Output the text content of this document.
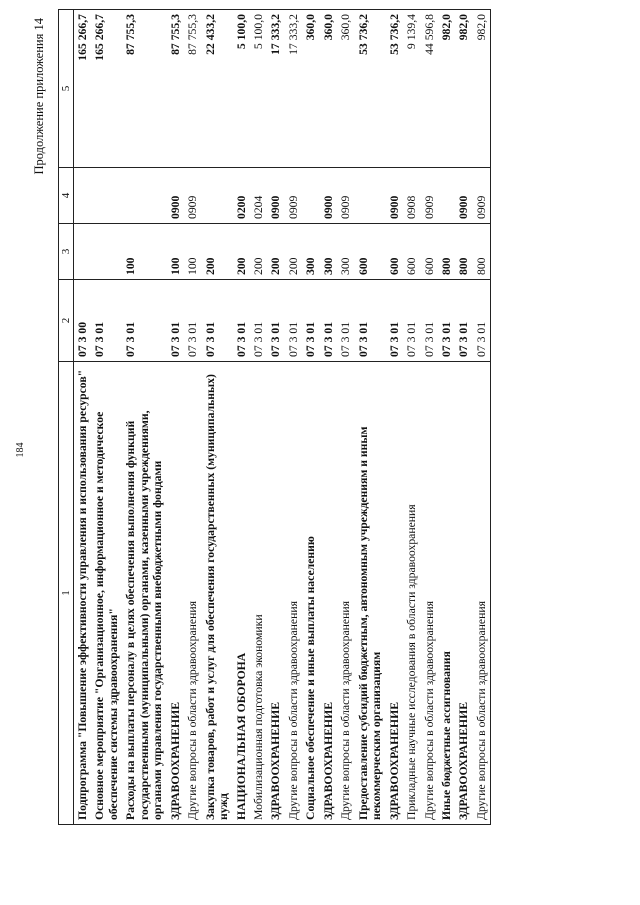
184
Продолжение приложения 14
1	2	3	4	5
Подпрограмма "Повышение эффективности управления и использования ресурсов"	07 3 00			165 266,7
Основное мероприятие "Организационное, информационное и методическое обеспечение системы здравоохранения"	07 3 01			165 266,7
Расходы на выплаты персоналу в целях обеспечения выполнения функций государственными (муниципальными) органами, казенными учреждениями, органами управления государственными внебюджетными фондами	07 3 01	100		87 755,3
ЗДРАВООХРАНЕНИЕ	07 3 01	100	0900	87 755,3
Другие вопросы в области здравоохранения	07 3 01	100	0909	87 755,3
Закупка товаров, работ и услуг для обеспечения государственных (муниципальных) нужд	07 3 01	200		22 433,2
НАЦИОНАЛЬНАЯ ОБОРОНА	07 3 01	200	0200	5 100,0
Мобилизационная подготовка экономики	07 3 01	200	0204	5 100,0
ЗДРАВООХРАНЕНИЕ	07 3 01	200	0900	17 333,2
Другие вопросы в области здравоохранения	07 3 01	200	0909	17 333,2
Социальное обеспечение и иные выплаты населению	07 3 01	300		360,0
ЗДРАВООХРАНЕНИЕ	07 3 01	300	0900	360,0
Другие вопросы в области здравоохранения	07 3 01	300	0909	360,0
Предоставление субсидий бюджетным, автономным учреждениям и иным некоммерческим организациям	07 3 01	600		53 736,2
ЗДРАВООХРАНЕНИЕ	07 3 01	600	0900	53 736,2
Прикладные научные исследования в области здравоохранения	07 3 01	600	0908	9 139,4
Другие вопросы в области здравоохранения	07 3 01	600	0909	44 596,8
Иные бюджетные ассигнования	07 3 01	800		982,0
ЗДРАВООХРАНЕНИЕ	07 3 01	800	0900	982,0
Другие вопросы в области здравоохранения	07 3 01	800	0909	982,0
